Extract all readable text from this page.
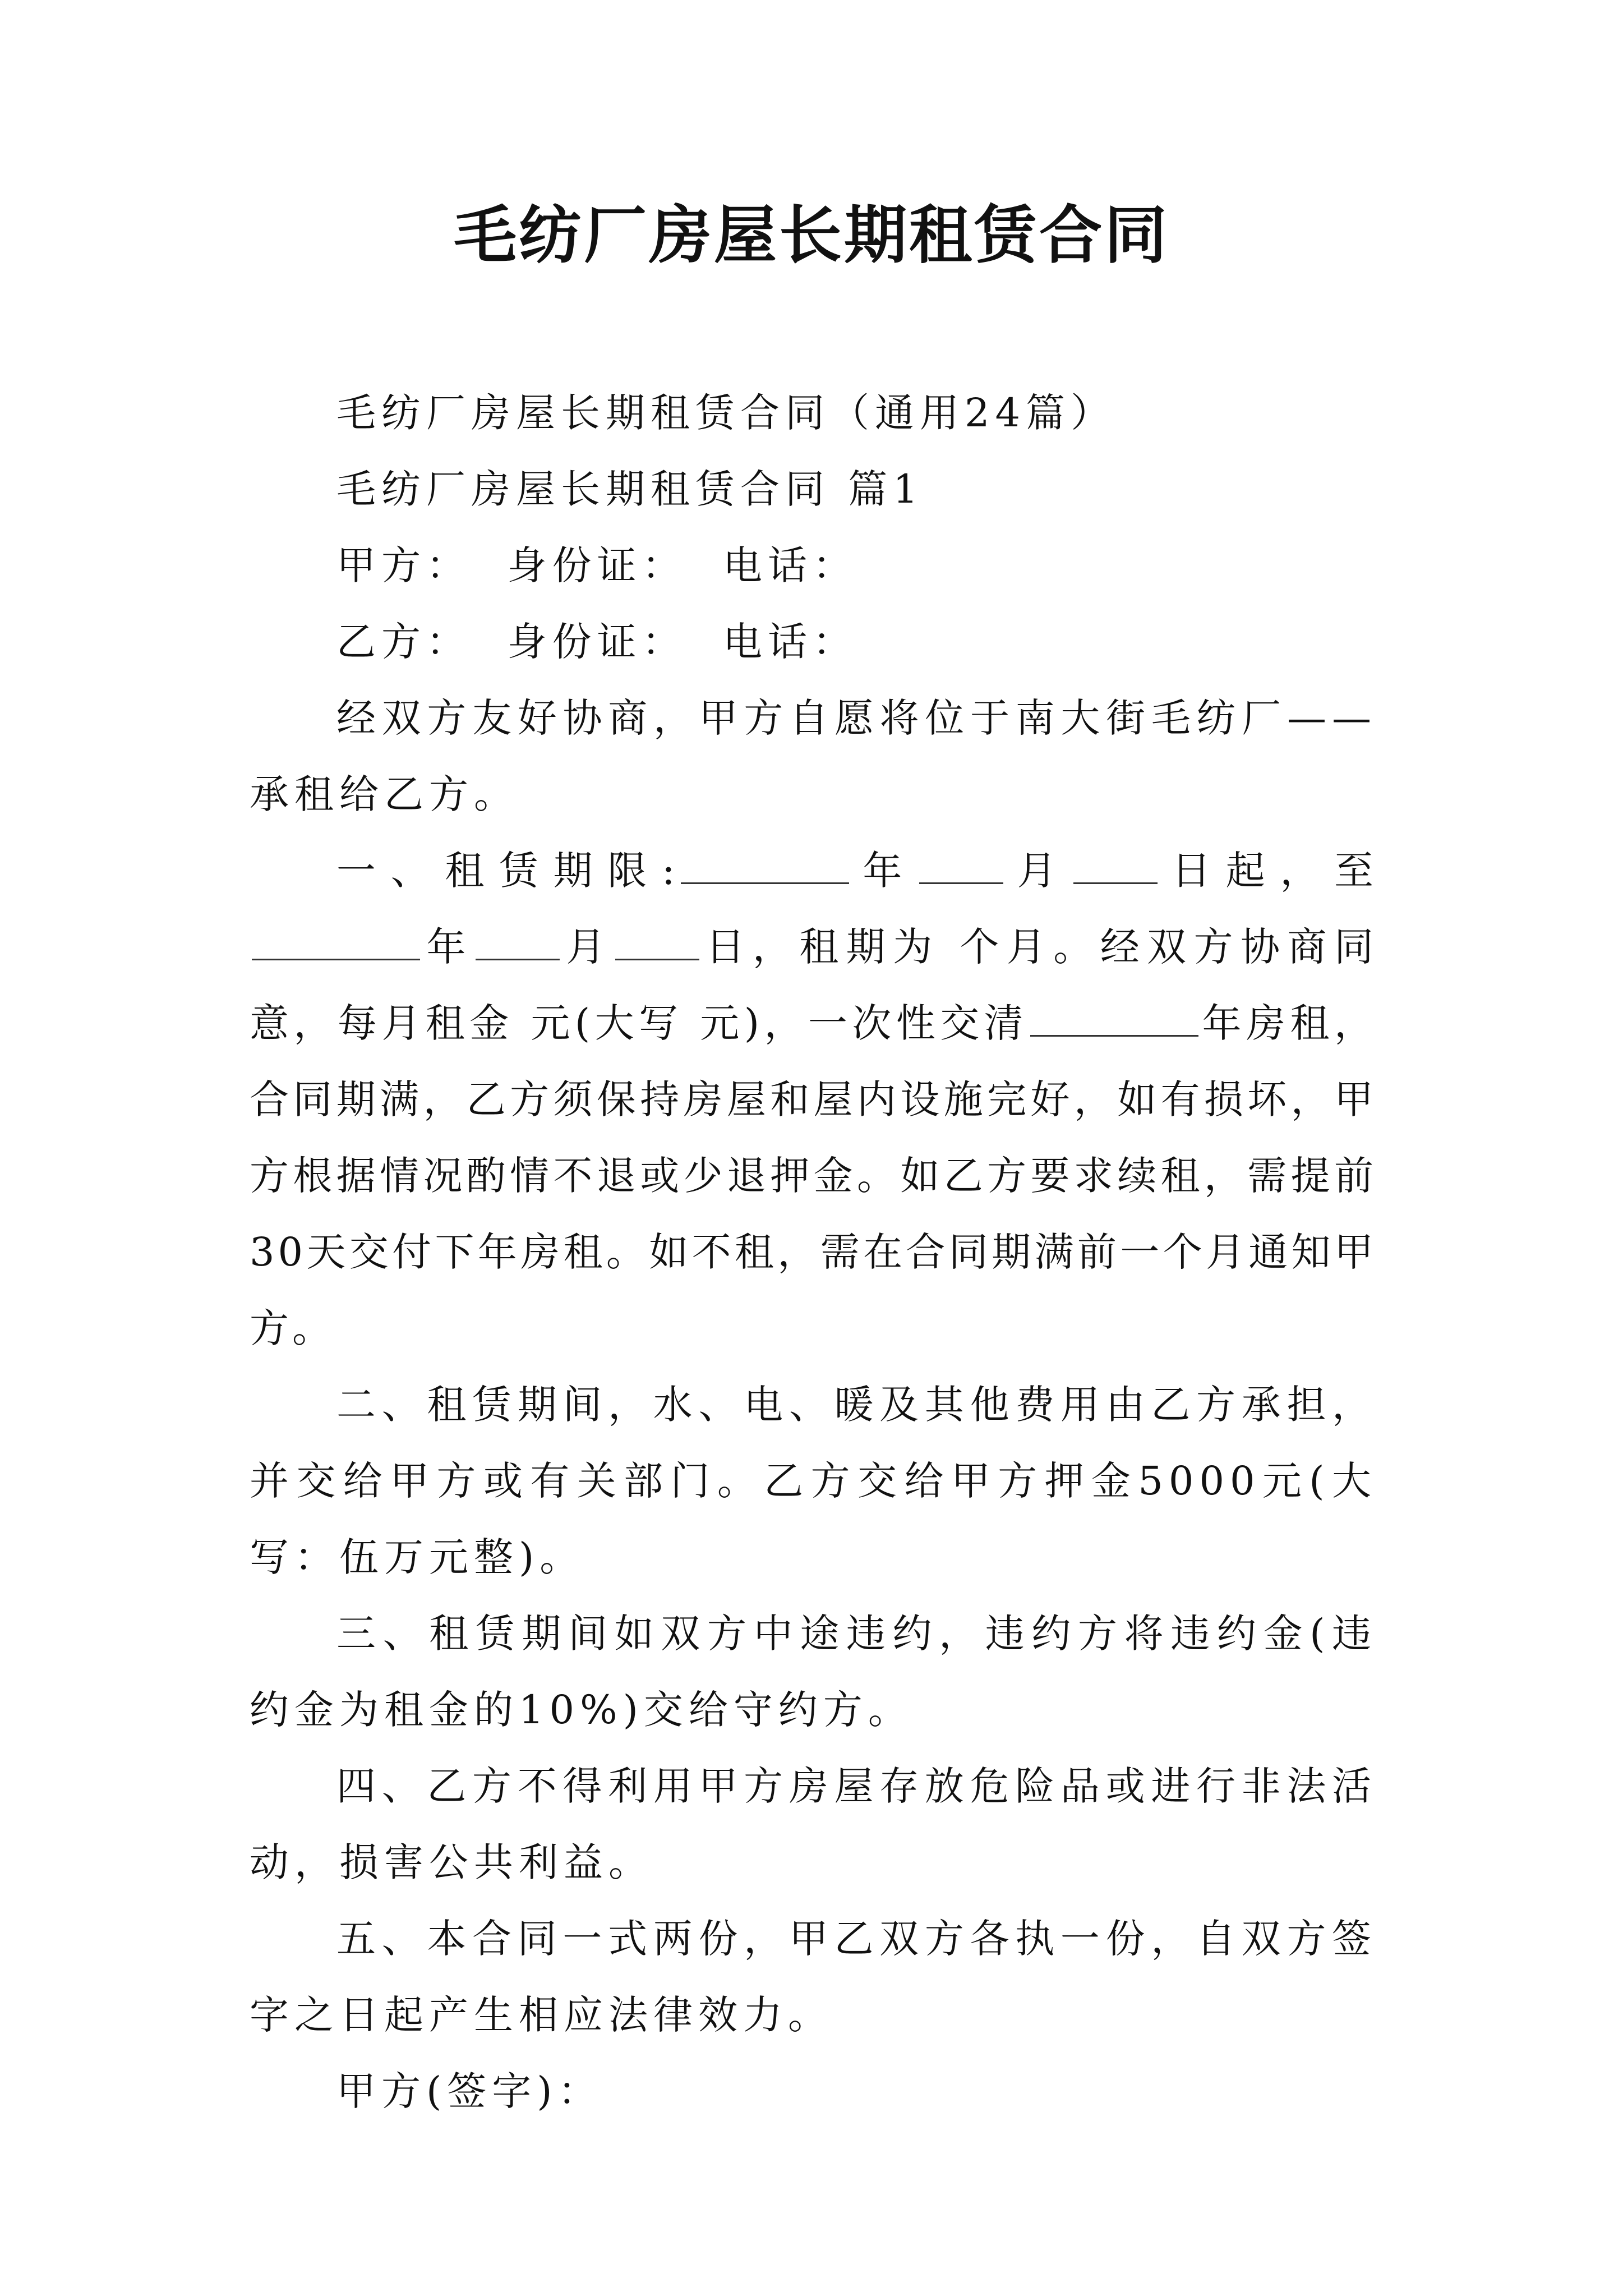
毛纺厂房屋长期租赁合同

毛纺厂房屋长期租赁合同（通用24篇）

毛纺厂房屋长期租赁合同 篇1

甲方：  身份证：  电话：

乙方：  身份证：  电话：

经双方友好协商，甲方自愿将位于南大街毛纺厂——承租给乙方。

一、租赁期限:	年 月 日起，至年 月 日，租期为 个月。经双方协商同意，每月租金 元(大写 元)，一次性交清	年房租，合同期满，乙方须保持房屋和屋内设施完好，如有损坏，甲方根据情况酌情不退或少退押金。如乙方要求续租，需提前30天交付下年房租。如不租，需在合同期满前一个月通知甲方。

二、租赁期间，水、电、暖及其他费用由乙方承担，并交给甲方或有关部门。乙方交给甲方押金5000元(大写：伍万元整)。

三、租赁期间如双方中途违约，违约方将违约金(违约金为租金的10%)交给守约方。

四、乙方不得利用甲方房屋存放危险品或进行非法活动，损害公共利益。

五、本合同一式两份，甲乙双方各执一份，自双方签字之日起产生相应法律效力。

甲方(签字)：
